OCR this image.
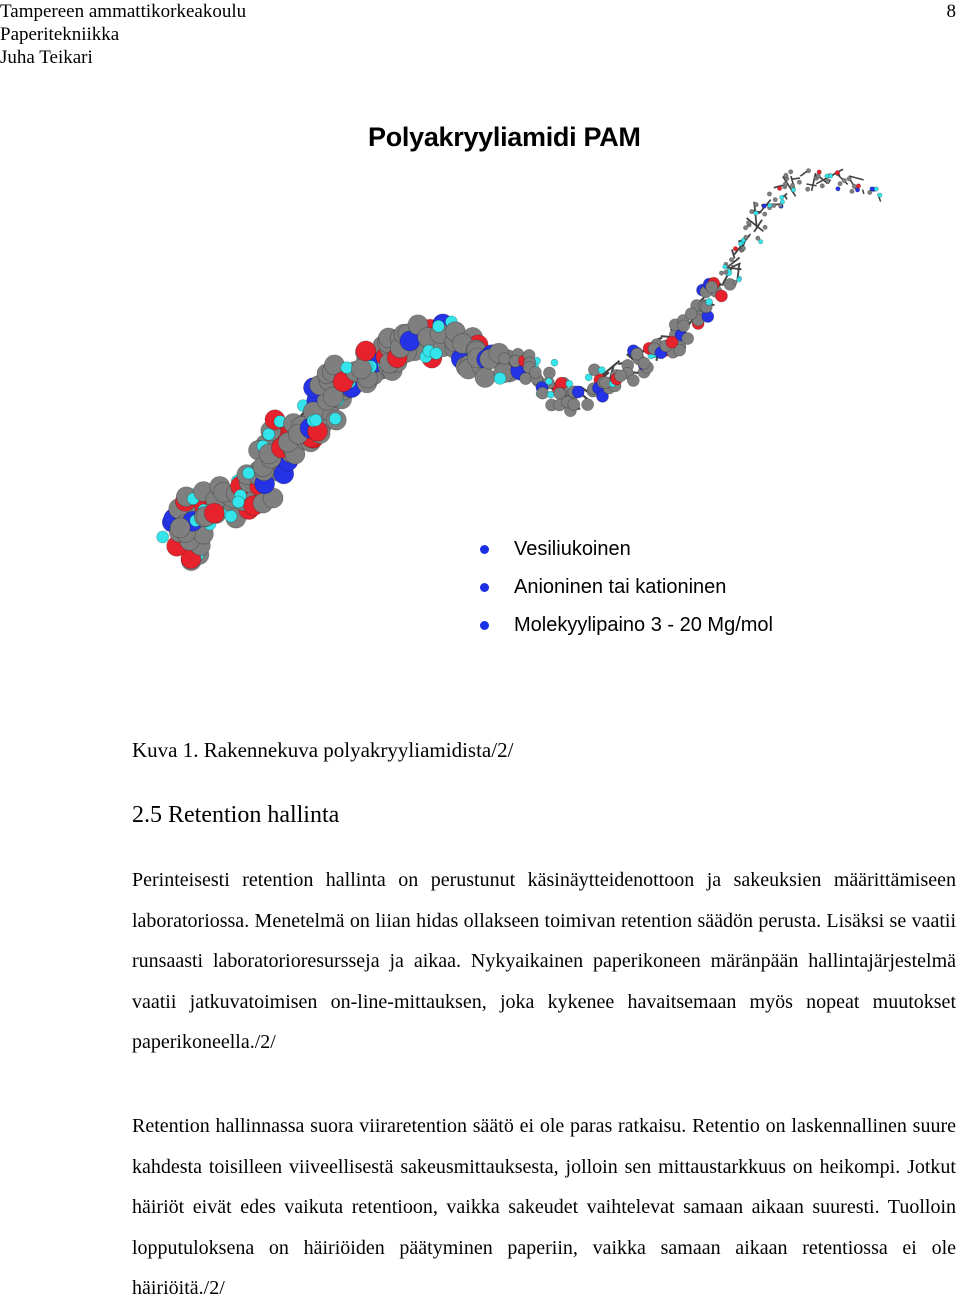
Tampereen ammattikorkeakoulu
Paperitekniikka
Juha Teikari
8
Polyakryyliamidi PAM
Vesiliukoinen
Anioninen tai kationinen
Molekyylipaino 3 - 20 Mg/mol
Kuva 1. Rakennekuva polyakryyliamidista/2/
2.5 Retention hallinta

Perinteisesti retention hallinta on perustunut käsinäytteidenottoon ja sakeuksien määrittämiseen laboratoriossa. Menetelmä on liian hidas ollakseen toimivan retention säädön perusta. Lisäksi se vaatii runsaasti laboratorioresursseja ja aikaa. Nykyaikainen paperikoneen märänpään hallintajärjestelmä vaatii jatkuvatoimisen on-line-mittauksen, joka kykenee havaitsemaan myös nopeat muutokset paperikoneella./2/

Retention hallinnassa suora viiraretention säätö ei ole paras ratkaisu. Retentio on laskennallinen suure kahdesta toisilleen viiveellisestä sakeusmittauksesta, jolloin sen mittaustarkkuus on heikompi. Jotkut häiriöt eivät edes vaikuta retentioon, vaikka sakeudet vaihtelevat samaan aikaan suuresti. Tuolloin lopputuloksena on häiriöiden päätyminen paperiin, vaikka samaan aikaan retentiossa ei ole häiriöitä./2/
